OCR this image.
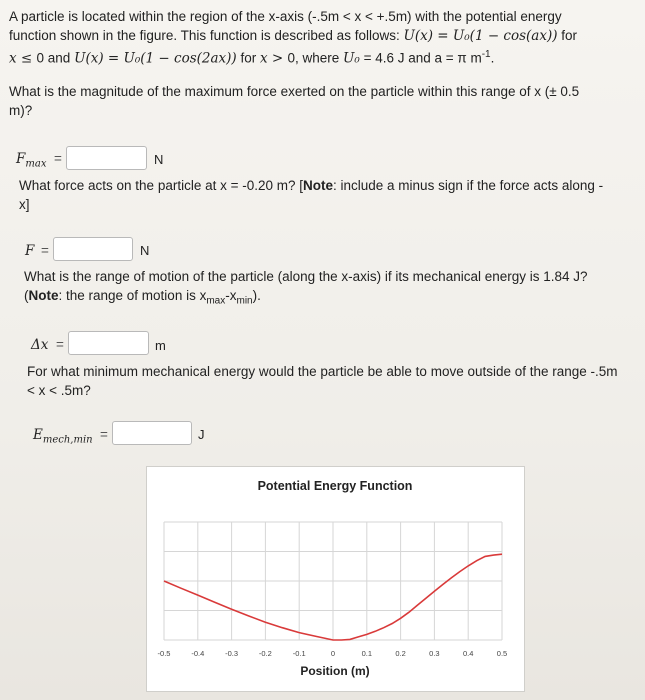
A particle is located within the region of the x-axis (-.5m < x < +.5m) with the potential energy
function shown in the figure. This function is described as follows: U(x) = U₀(1 − cos(ax)) for
x ≤ 0 and U(x) = U₀(1 − cos(2ax)) for x > 0, where U₀ = 4.6 J and a = π $m^{-1}$.
What is the magnitude of the maximum force exerted on the particle within this range of x (± 0.5
m)?
$F_{max}$ =	N
What force acts on the particle at x = -0.20 m? [Note: include a minus sign if the force acts along -
x]
F =	N
What is the range of motion of the particle (along the x-axis) if its mechanical energy is 1.84 J?
(Note: the range of motion is $x_{max}-x_{min}$).
Δx =	m
For what minimum mechanical energy would the particle be able to move outside of the range -.5m
< x < .5m?
$E_{mech,min}$ =	J
Potential Energy Function
-0.5	-0.4	-0.3	-0.2	-0.1	0	0.1	0.2	0.3	0.4	0.5
Position (m)
